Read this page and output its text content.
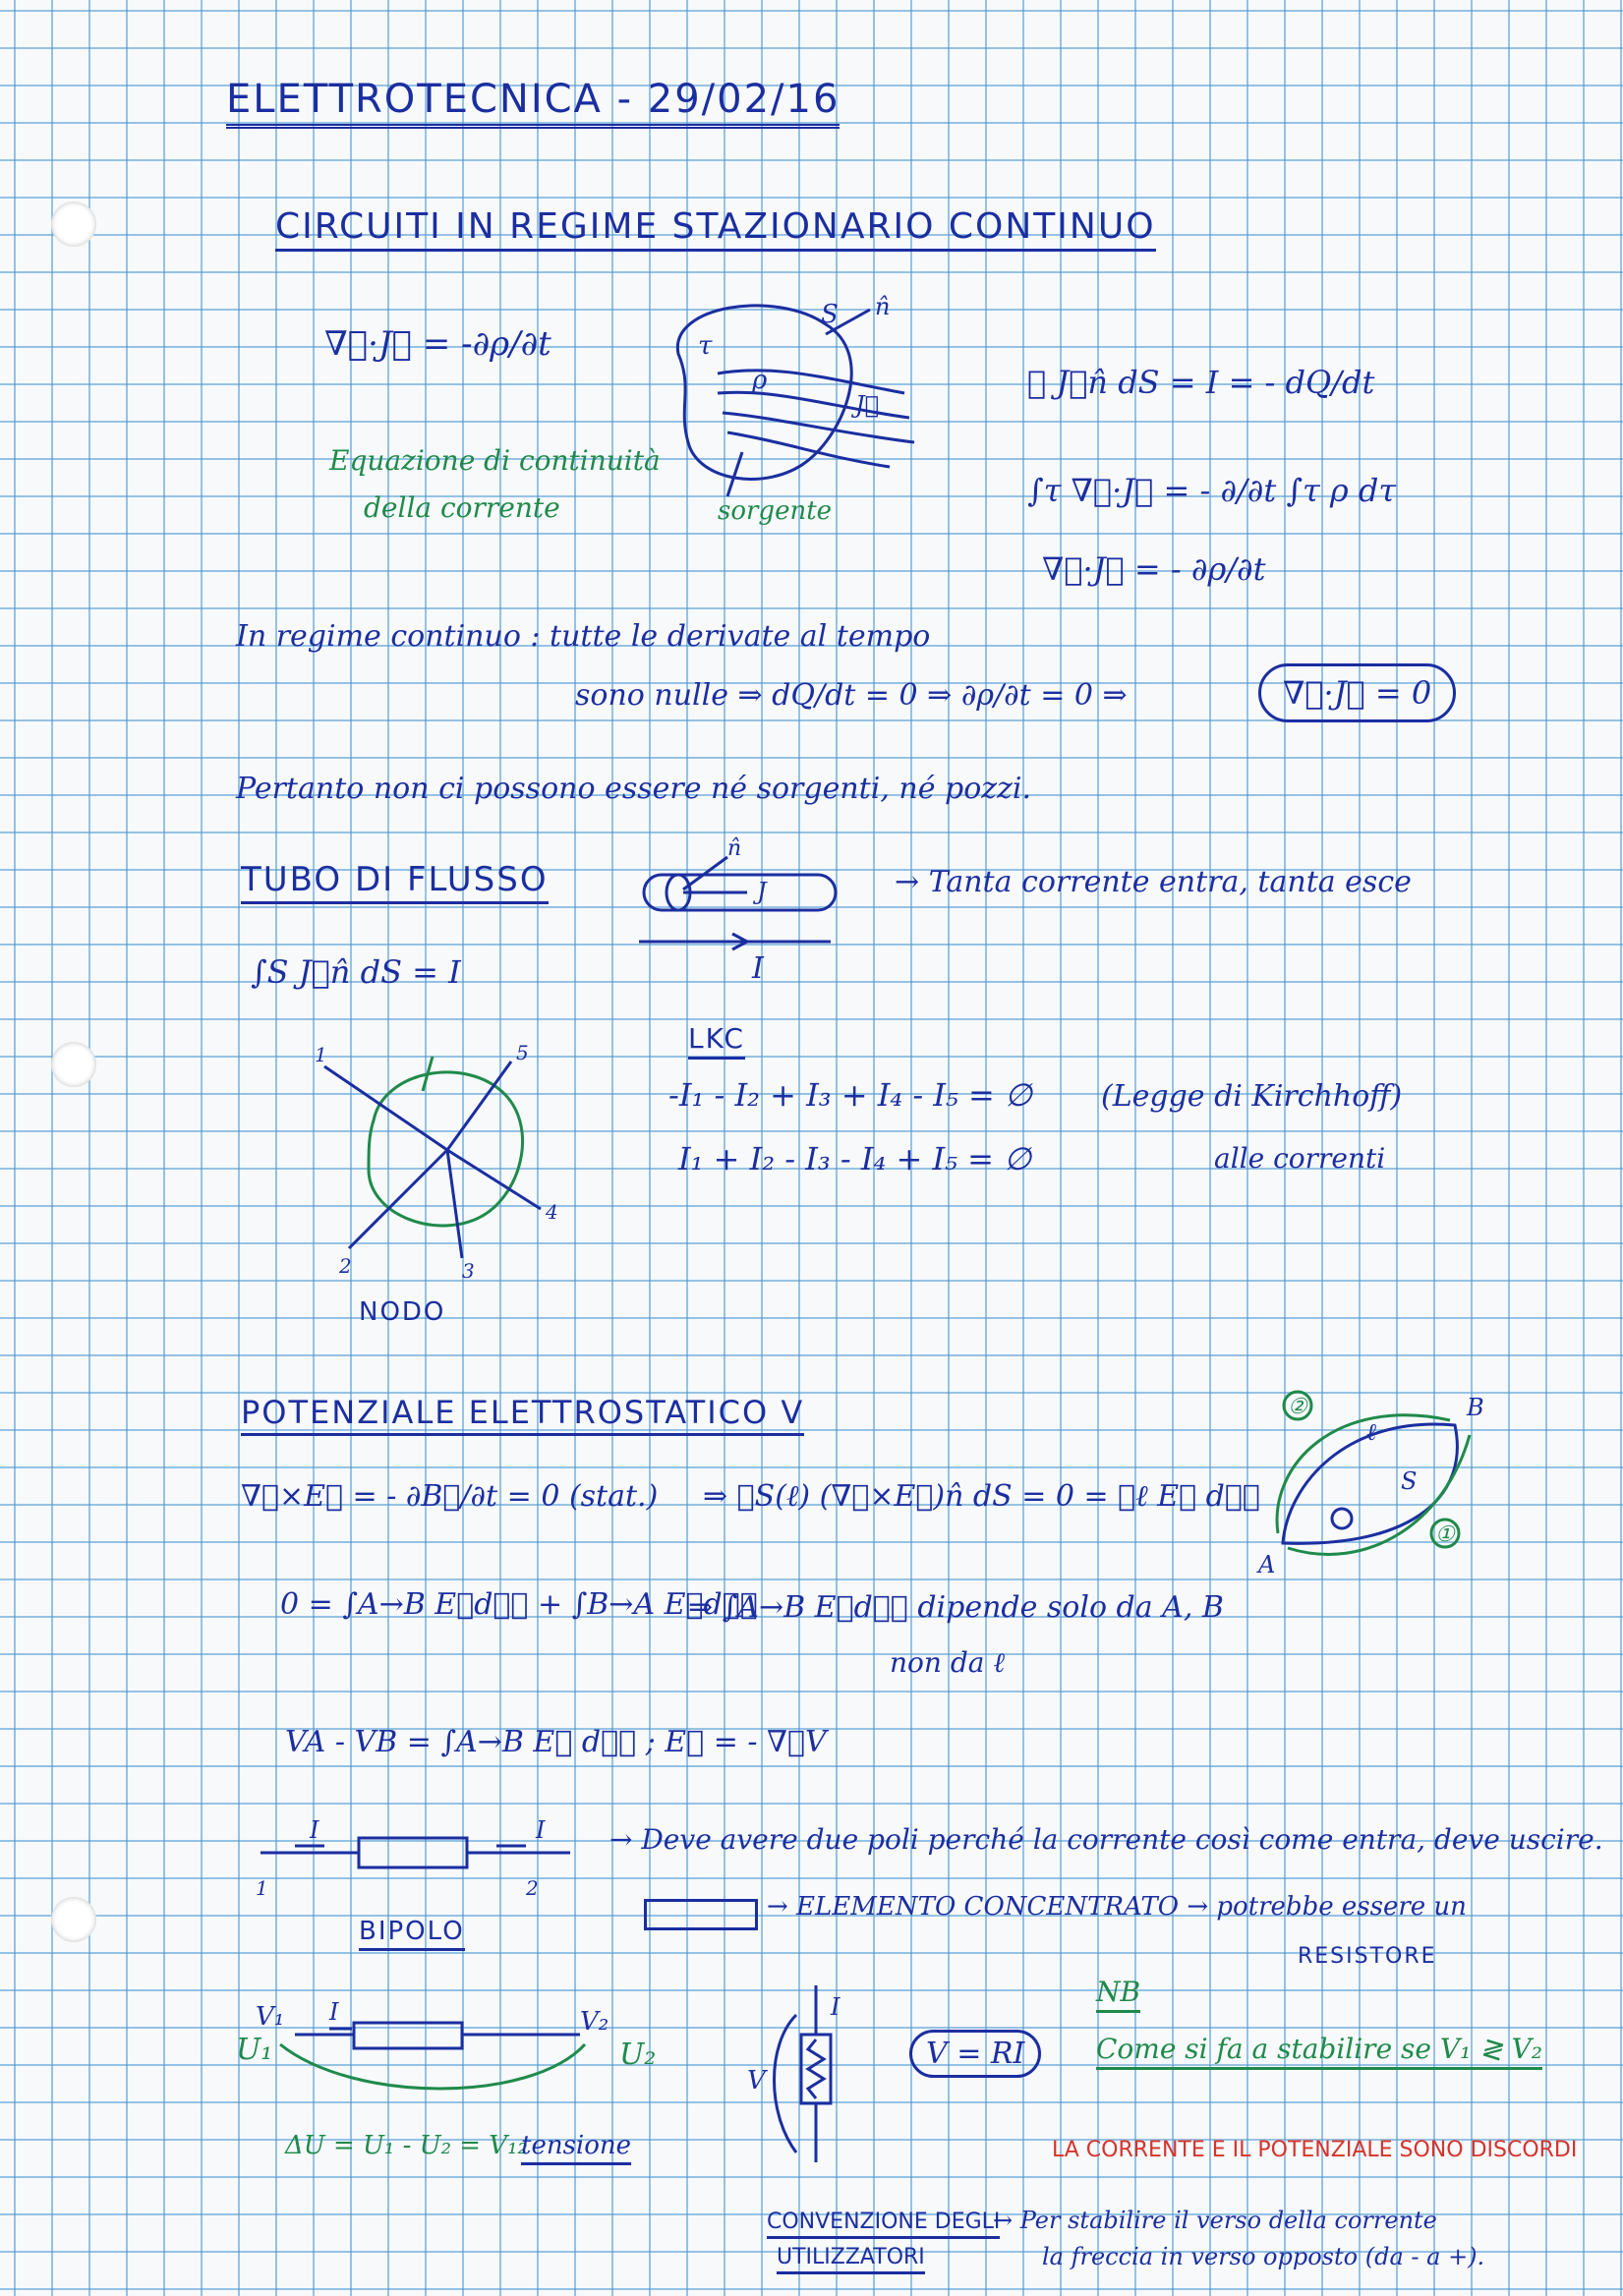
ELETTROTECNICA - 29/02/16
CIRCUITI IN REGIME STAZIONARIO CONTINUO
∇⃗·J⃗ = -∂ρ/∂t
Equazione di continuità
della corrente
τ
ρ
S n̂
J⃗
sorgente
∮ J⃗n̂ dS = I = - dQ/dt
∫τ ∇⃗·J⃗ = - ∂/∂t ∫τ ρ dτ
∇⃗·J⃗ = - ∂ρ/∂t
In regime continuo : tutte le derivate al tempo
sono nulle ⇒ dQ/dt = 0 ⇒ ∂ρ/∂t = 0 ⇒	∇⃗·J⃗ = 0
Pertanto non ci possono essere né sorgenti, né pozzi.
TUBO DI FLUSSO
n̂
J
I
→ Tanta corrente entra, tanta esce
∫S J⃗n̂ dS = I
1
2	3
4
5
NODO
LKC
-I₁ - I₂ + I₃ + I₄ - I₅ = ∅
I₁ + I₂ - I₃ - I₄ + I₅ = ∅
(Legge di Kirchhoff)
alle correnti
POTENZIALE ELETTROSTATICO V
∇⃗×E⃗ = - ∂B⃗/∂t = 0 (stat.) ⇒ ∮S(ℓ) (∇⃗×E⃗)n̂ dS = 0 = ∮ℓ E⃗ dℓ⃗
0 = ∫A→B E⃗dℓ⃗ + ∫B→A E⃗dℓ⃗
⇒ ∫A→B E⃗dℓ⃗ dipende solo da A, B
non da ℓ
VA - VB = ∫A→B E⃗ dℓ⃗ ; E⃗ = - ∇⃗V
A
B
ℓ
S
①
②
I	I
1	2
→ Deve avere due poli perché la corrente così come entra, deve uscire.
BIPOLO
→ ELEMENTO CONCENTRATO → potrebbe essere un
RESISTORE
V₁	V₂
U₁	U₂
I
ΔU = U₁ - U₂ = V₁₂
tensione
V
I
V = RI
NB
Come si fa a stabilire se V₁ ≷ V₂
LA CORRENTE E IL POTENZIALE SONO DISCORDI
CONVENZIONE DEGLI
UTILIZZATORI
→ Per stabilire il verso della corrente
la freccia in verso opposto (da - a +).
